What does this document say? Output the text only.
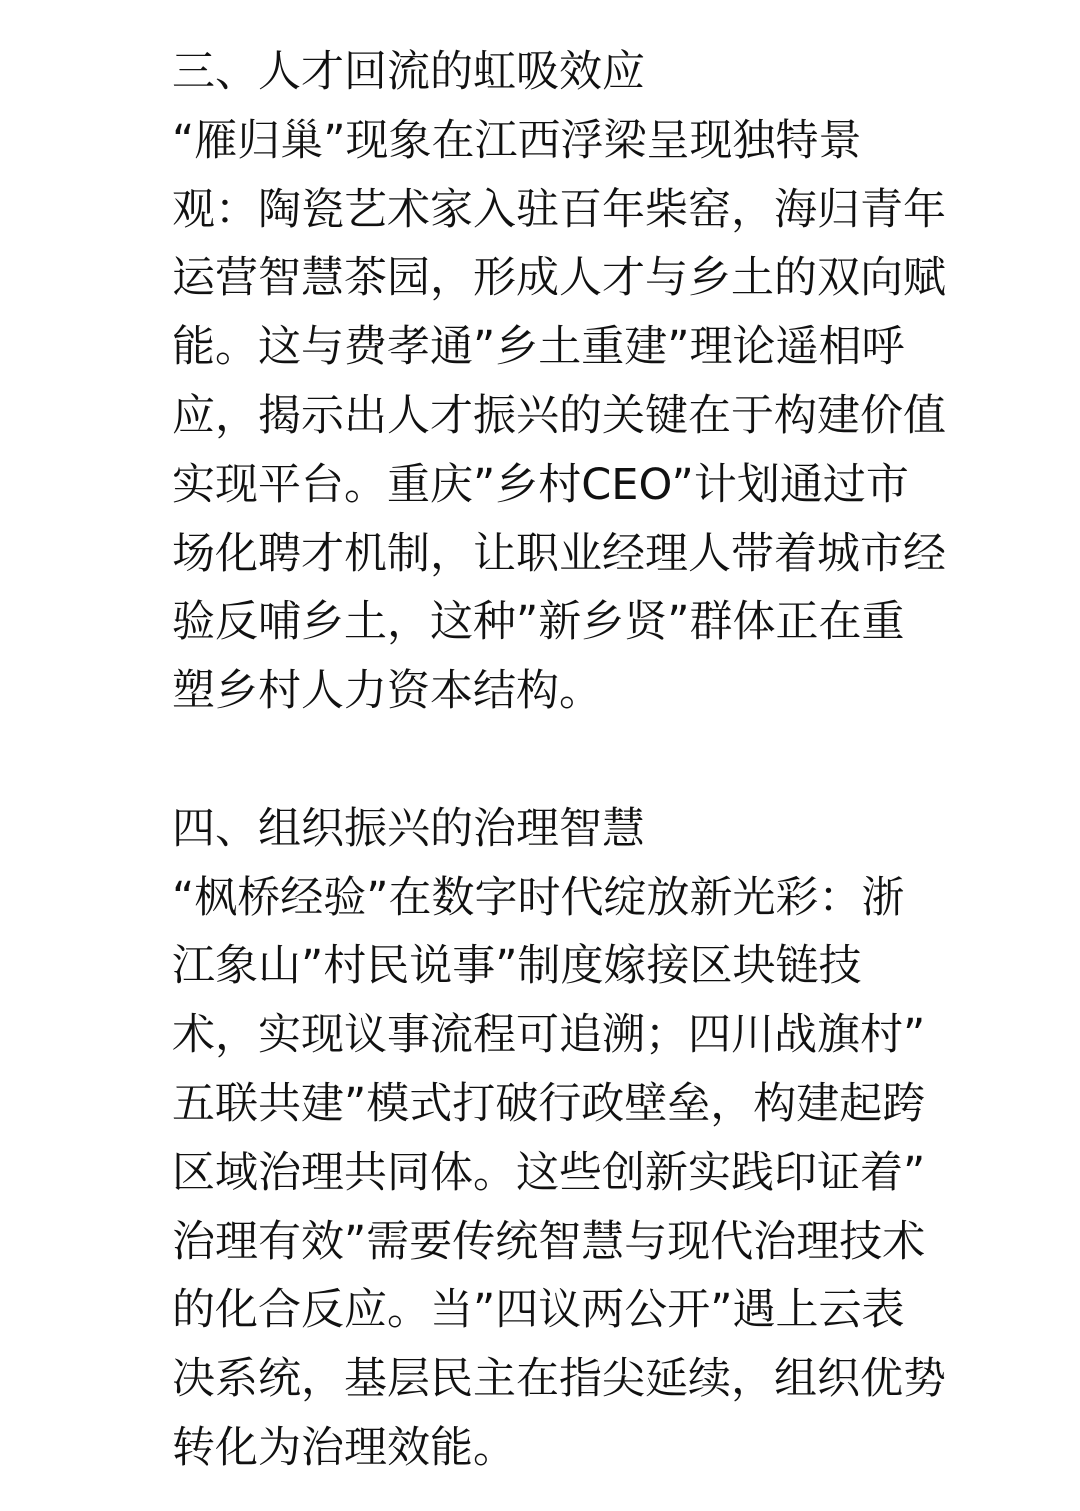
三、人才回流的虹吸效应
“雁归巢”现象在江西浮梁呈现独特景
观：陶瓷艺术家入驻百年柴窑，海归青年
运营智慧茶园，形成人才与乡土的双向赋
能。这与费孝通”乡土重建”理论遥相呼
应，揭示出人才振兴的关键在于构建价值
实现平台。重庆”乡村CEO”计划通过市
场化聘才机制，让职业经理人带着城市经
验反哺乡土，这种”新乡贤”群体正在重
塑乡村人力资本结构。
四、组织振兴的治理智慧
“枫桥经验”在数字时代绽放新光彩：浙
江象山”村民说事”制度嫁接区块链技
术，实现议事流程可追溯；四川战旗村”
五联共建”模式打破行政壁垒，构建起跨
区域治理共同体。这些创新实践印证着”
治理有效”需要传统智慧与现代治理技术
的化合反应。当”四议两公开”遇上云表
决系统，基层民主在指尖延续，组织优势
转化为治理效能。
